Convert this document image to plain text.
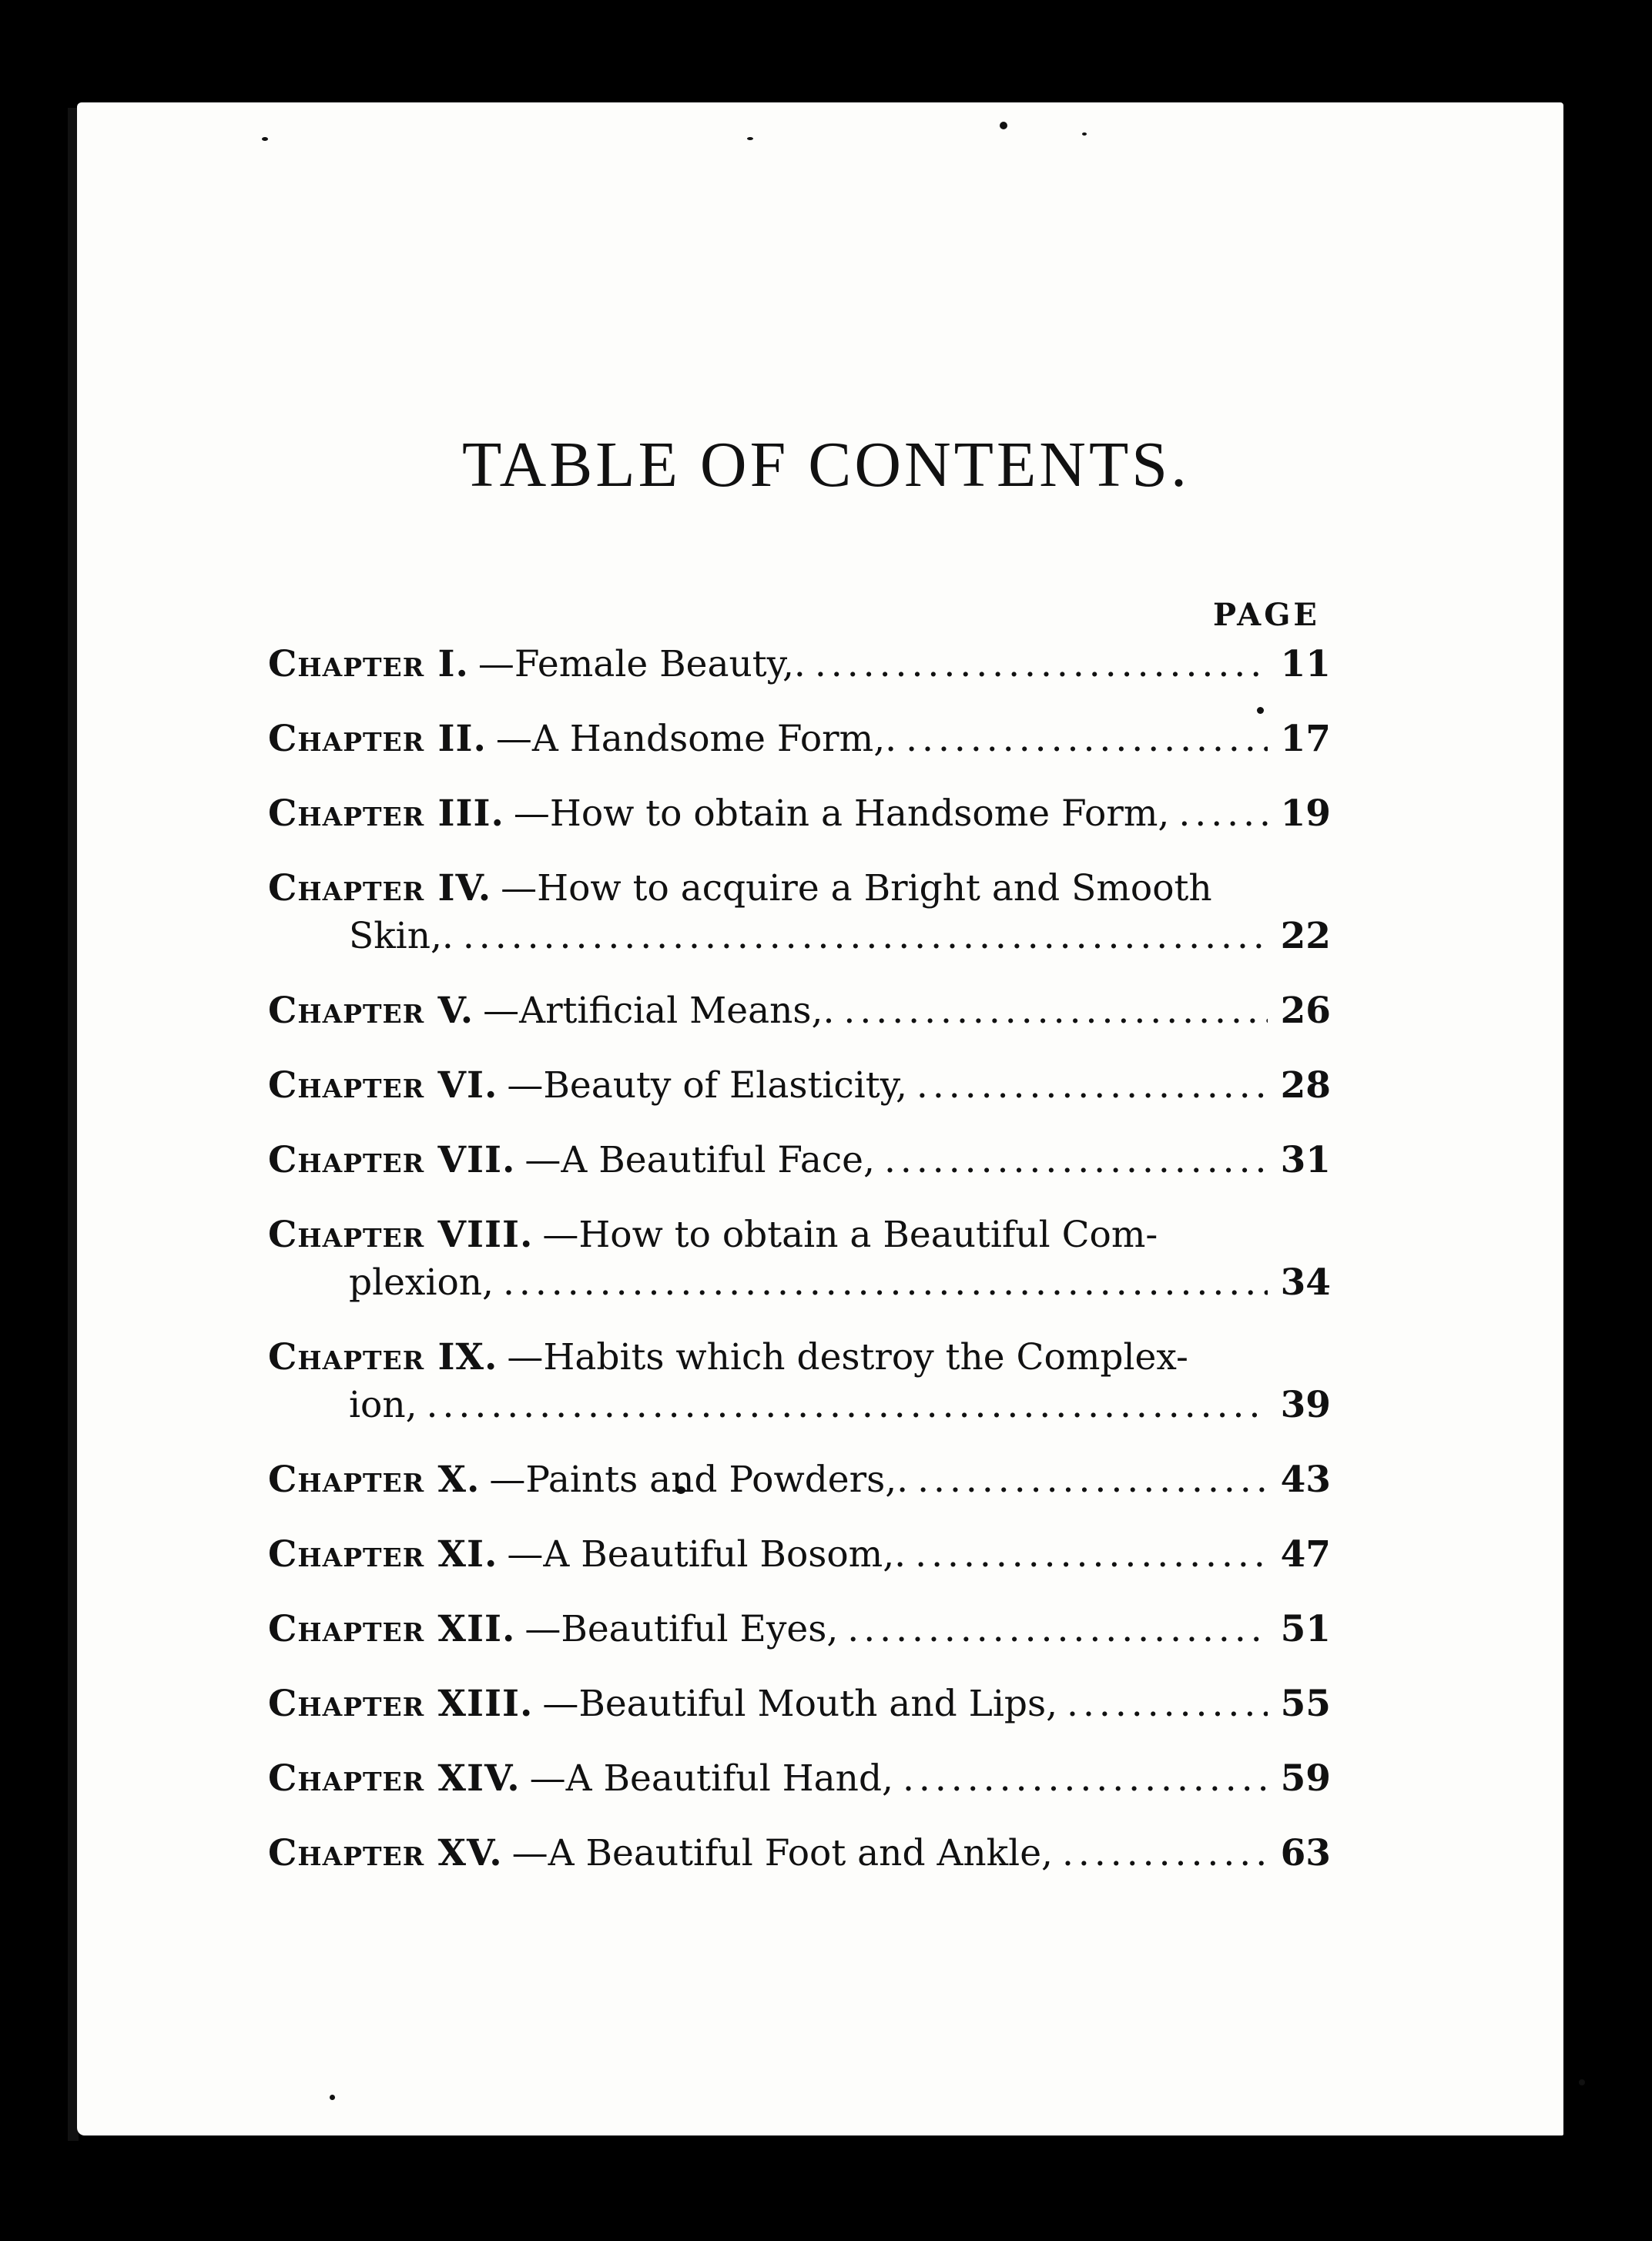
TABLE OF CONTENTS.
PAGE
Chapter I. —Female Beauty,. .....	11
Chapter II. —A Handsome Form,. .....	17
Chapter III. —How to obtain a Handsome Form, .....	19
Chapter IV. —How to acquire a Bright and Smooth
Skin,. .....	22
Chapter V. —Artificial Means,. .....	26
Chapter VI. —Beauty of Elasticity, .....	28
Chapter VII. —A Beautiful Face, .....	31
Chapter VIII. —How to obtain a Beautiful Com-
plexion, .....	34
Chapter IX. —Habits which destroy the Complex-
ion, .....	39
Chapter X. —Paints and Powders,. .....	43
Chapter XI. —A Beautiful Bosom,. .....	47
Chapter XII. —Beautiful Eyes, .....	51
Chapter XIII. —Beautiful Mouth and Lips, .....	55
Chapter XIV. —A Beautiful Hand, .....	59
Chapter XV. —A Beautiful Foot and Ankle, .....	63
